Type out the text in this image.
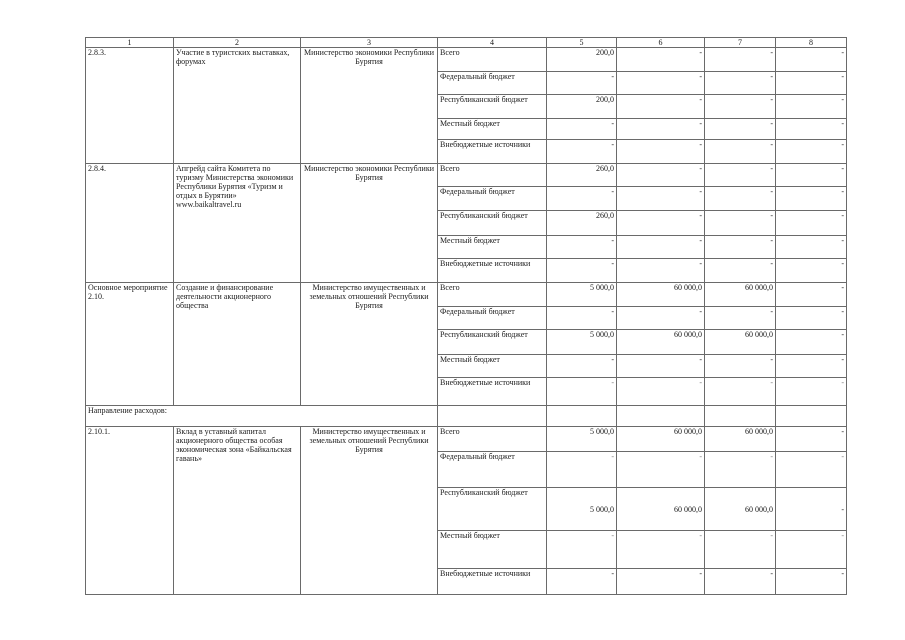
1	2	3	4	5	6	7	8
2.8.3.	Участие в туристских выставках, форумах	Министерство экономики Республики Бурятия	Всего	200,0	-	-	-
			Федеральный бюджет	-	-	-	-
			Республиканский бюджет	200,0	-	-	-
			Местный бюджет	-	-	-	-
			Внебюджетные источники	-	-	-	-
2.8.4.	Апгрейд сайта Комитета по туризму Министерства экономики Республики Бурятия «Туризм и отдых в Бурятии» www.baikaltravel.ru	Министерство экономики Республики Бурятия	Всего	260,0	-	-	-
			Федеральный бюджет	-	-	-	-
			Республиканский бюджет	260,0	-	-	-
			Местный бюджет	-	-	-	-
			Внебюджетные источники	-	-	-	-
Основное мероприятие 2.10.	Создание и финансирование деятельности акционерного общества	Министерство имущественных и земельных отношений Республики Бурятия	Всего	5 000,0	60 000,0	60 000,0	-
			Федеральный бюджет	-	-	-	-
			Республиканский бюджет	5 000,0	60 000,0	60 000,0	-
			Местный бюджет	-	-	-	-
			Внебюджетные источники	-	-	-	-
Направление расходов:							
2.10.1.	Вклад в уставный капитал акционерного общества особая экономическая зона «Байкальская гавань»	Министерство имущественных и земельных отношений Республики Бурятия	Всего	5 000,0	60 000,0	60 000,0	-
			Федеральный бюджет	-	-	-	-
			Республиканский бюджет	5 000,0	60 000,0	60 000,0	-
			Местный бюджет	-	-	-	-
			Внебюджетные источники	-	-	-	-
